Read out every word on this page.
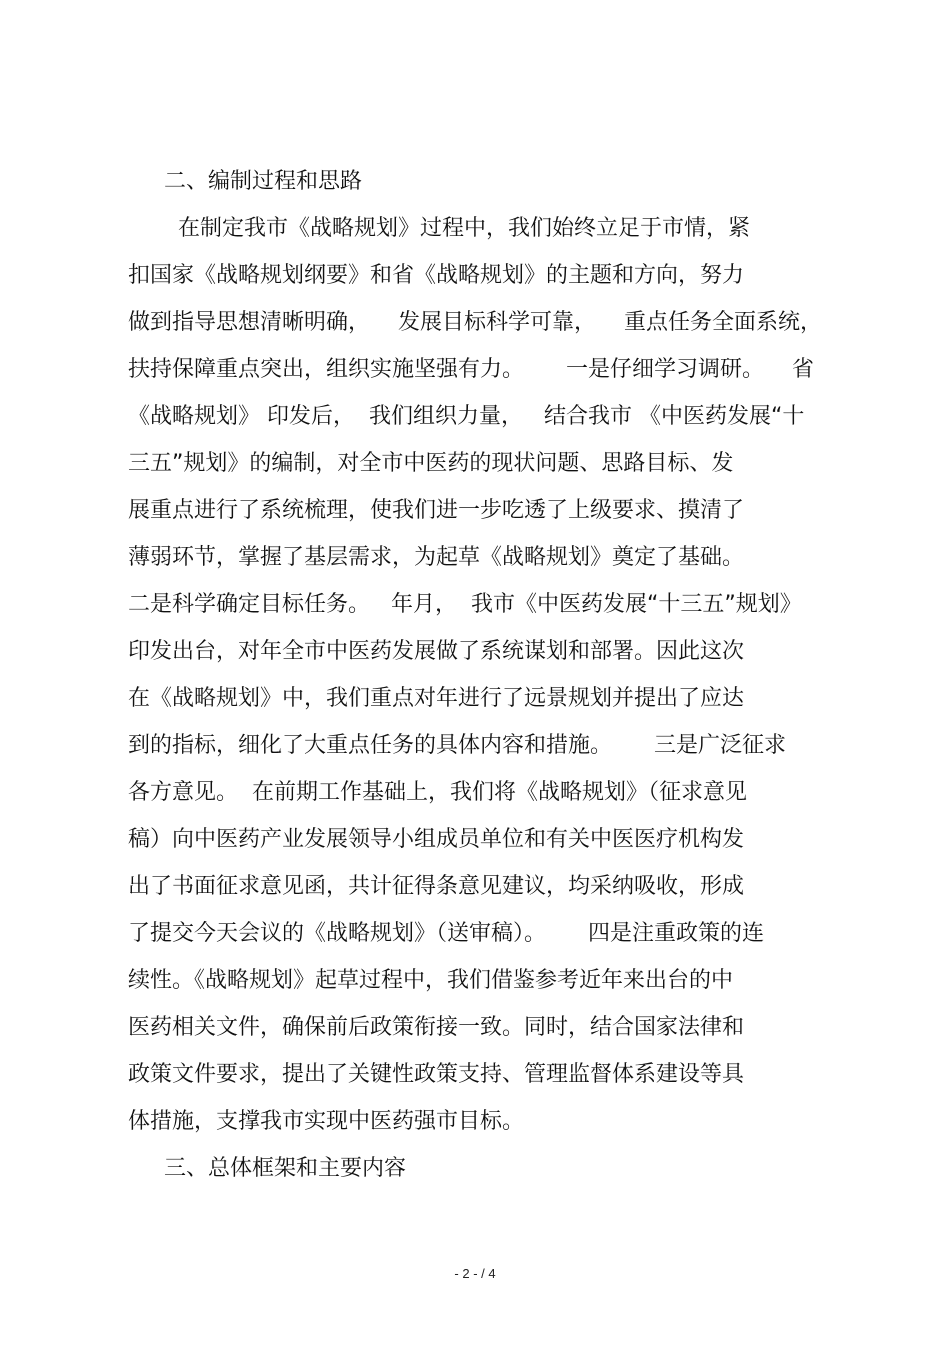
二、编制过程和思路
在制定我市《战略规划》过程中，我们始终立足于市情，紧
扣国家《战略规划纲要》和省《战略规划》的主题和方向，努力
做到指导思想清晰明确，    发展目标科学可靠，    重点任务全面系统，
扶持保障重点突出，组织实施坚强有力。      一是仔细学习调研。    省
《战略规划》 印发后，  我们组织力量，   结合我市 《中医药发展“十
三五”规划》的编制，对全市中医药的现状问题、思路目标、发
展重点进行了系统梳理，使我们进一步吃透了上级要求、摸清了
薄弱环节，掌握了基层需求，为起草《战略规划》奠定了基础。
二是科学确定目标任务。   年月，  我市《中医药发展“十三五”规划》
印发出台，对年全市中医药发展做了系统谋划和部署。因此这次
在《战略规划》中，我们重点对年进行了远景规划并提出了应达
到的指标，细化了大重点任务的具体内容和措施。      三是广泛征求
各方意见。  在前期工作基础上，我们将《战略规划》（征求意见
稿）向中医药产业发展领导小组成员单位和有关中医医疗机构发
出了书面征求意见函，共计征得条意见建议，均采纳吸收，形成
了提交今天会议的《战略规划》（送审稿）。      四是注重政策的连
续性。《战略规划》起草过程中，我们借鉴参考近年来出台的中
医药相关文件，确保前后政策衔接一致。同时，结合国家法律和
政策文件要求，提出了关键性政策支持、管理监督体系建设等具
体措施，支撑我市实现中医药强市目标。
三、总体框架和主要内容
- 2 - / 4
